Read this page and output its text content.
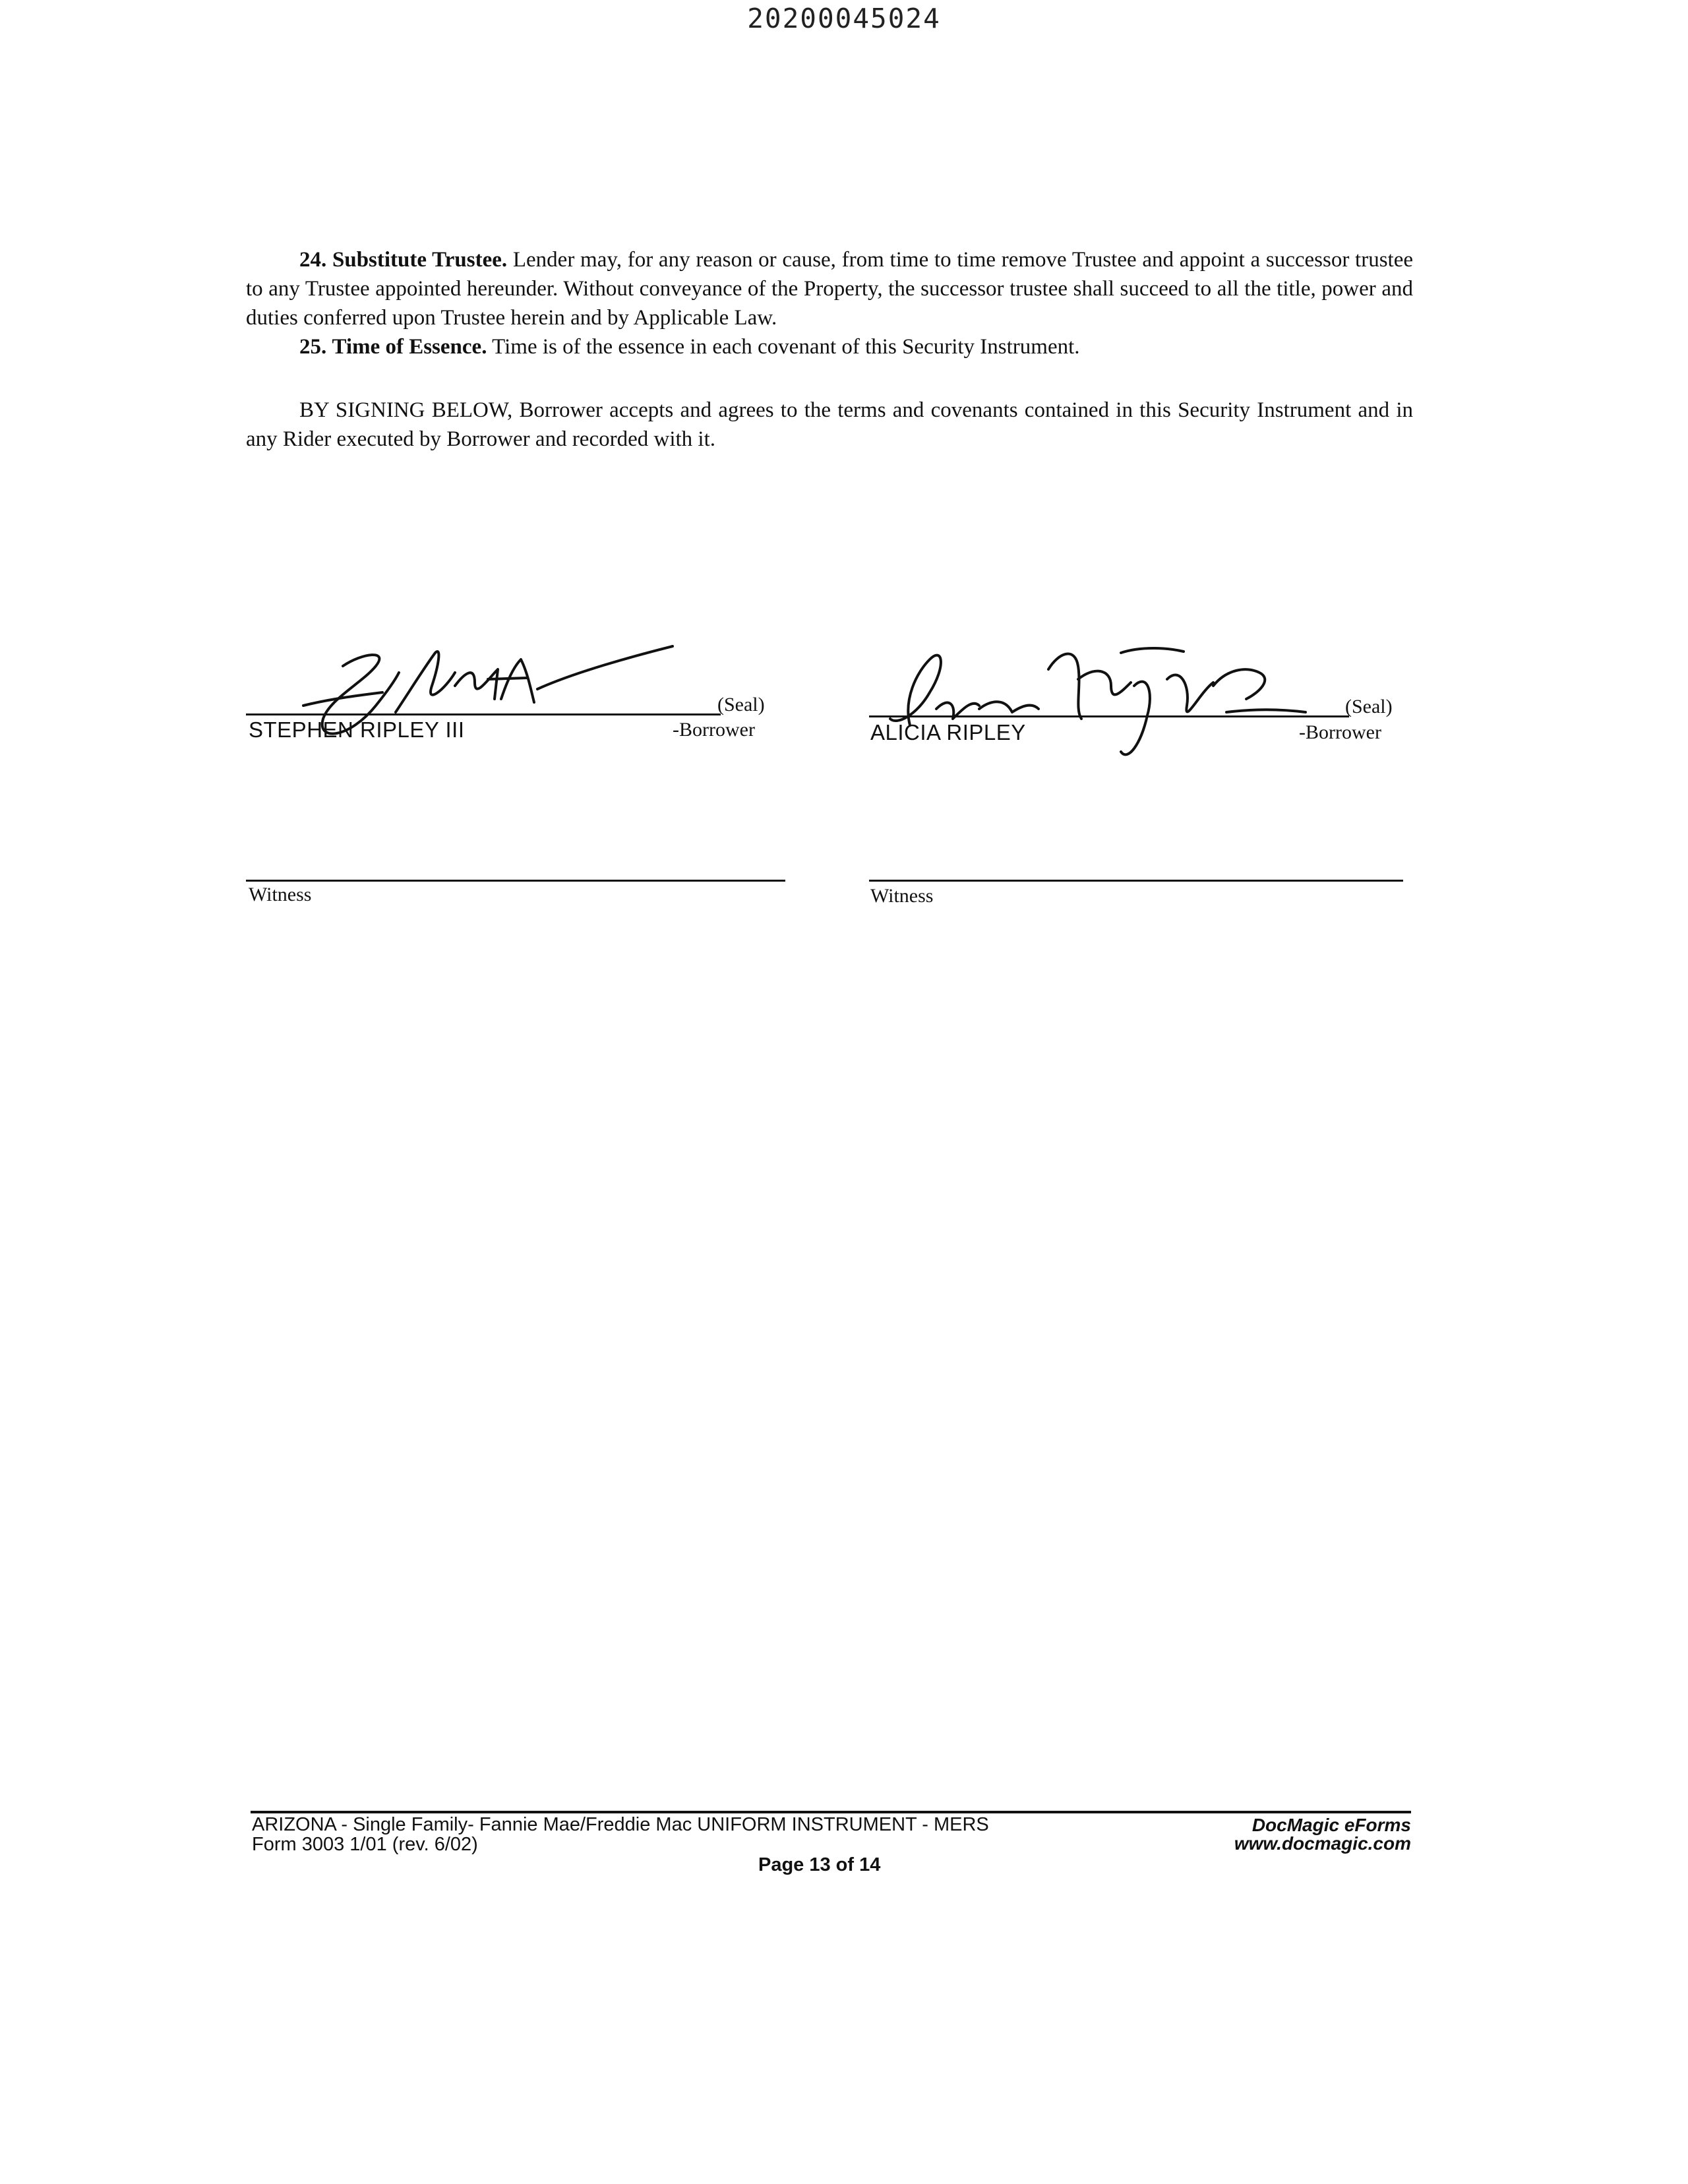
20200045024

24. Substitute Trustee. Lender may, for any reason or cause, from time to time remove Trustee and appoint a successor trustee to any Trustee appointed hereunder. Without conveyance of the Property, the successor trustee shall succeed to all the title, power and duties conferred upon Trustee herein and by Applicable Law.

25. Time of Essence. Time is of the essence in each covenant of this Security Instrument.

BY SIGNING BELOW, Borrower accepts and agrees to the terms and covenants contained in this Security Instrument and in any Rider executed by Borrower and recorded with it.

(Seal)
STEPHEN RIPLEY III	-Borrower
(Seal)
ALICIA RIPLEY	-Borrower
Witness	Witness
ARIZONA - Single Family- Fannie Mae/Freddie Mac UNIFORM INSTRUMENT - MERS
Form 3003 1/01 (rev. 6/02)
DocMagic eForms
www.docmagic.com
Page 13 of 14
